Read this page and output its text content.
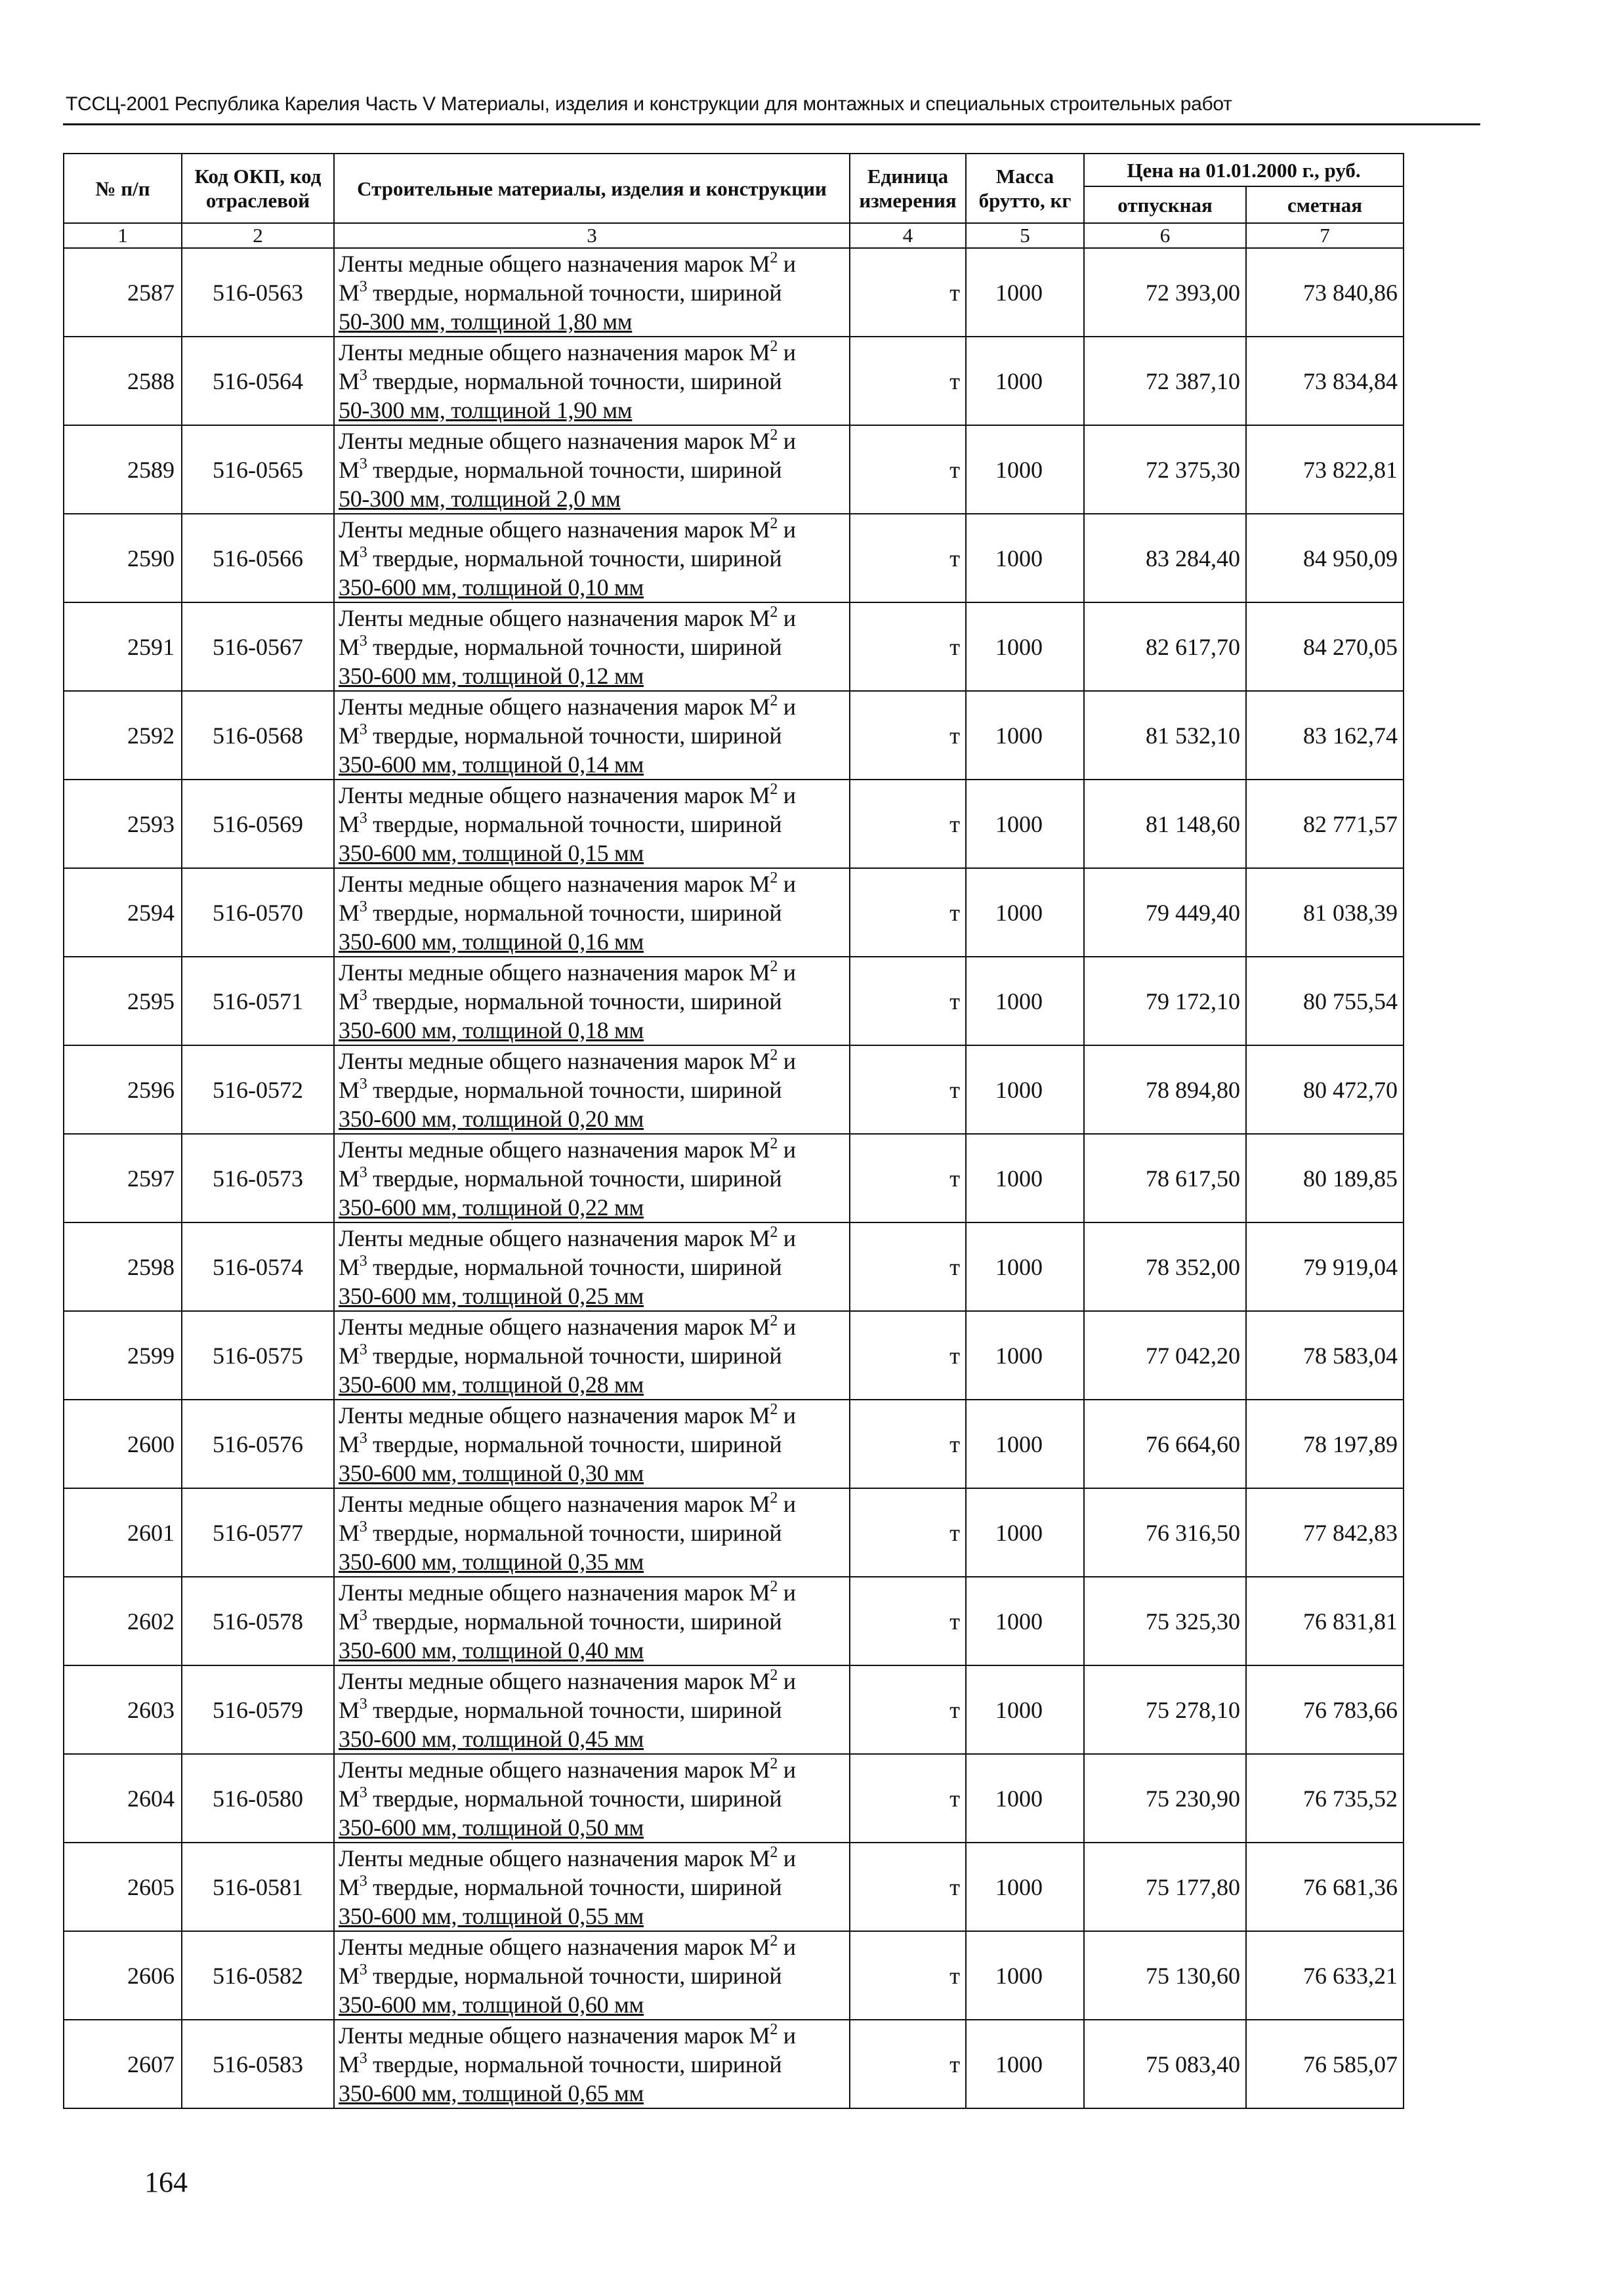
ТССЦ-2001 Республика Карелия Часть V Материалы, изделия и конструкции для монтажных и специальных строительных работ
№ п/п	Код ОКП, код отраслевой	Строительные материалы, изделия и конструкции	Единица измерения	Масса брутто, кг	Цена на 01.01.2000 г., руб.	
					отпускная	сметная
1	2	3	4	5	6	7
2587	516-0563	Ленты медные общего назначения марок $М^2$ и
$М^3$ твердые, нормальной точности, шириной
50-300 мм, толщиной 1,80 мм	т	1000	72 393,00	73 840,86
2588	516-0564	Ленты медные общего назначения марок $М^2$ и
$М^3$ твердые, нормальной точности, шириной
50-300 мм, толщиной 1,90 мм	т	1000	72 387,10	73 834,84
2589	516-0565	Ленты медные общего назначения марок $М^2$ и
$М^3$ твердые, нормальной точности, шириной
50-300 мм, толщиной 2,0 мм	т	1000	72 375,30	73 822,81
2590	516-0566	Ленты медные общего назначения марок $М^2$ и
$М^3$ твердые, нормальной точности, шириной
350-600 мм, толщиной 0,10 мм	т	1000	83 284,40	84 950,09
2591	516-0567	Ленты медные общего назначения марок $М^2$ и
$М^3$ твердые, нормальной точности, шириной
350-600 мм, толщиной 0,12 мм	т	1000	82 617,70	84 270,05
2592	516-0568	Ленты медные общего назначения марок $М^2$ и
$М^3$ твердые, нормальной точности, шириной
350-600 мм, толщиной 0,14 мм	т	1000	81 532,10	83 162,74
2593	516-0569	Ленты медные общего назначения марок $М^2$ и
$М^3$ твердые, нормальной точности, шириной
350-600 мм, толщиной 0,15 мм	т	1000	81 148,60	82 771,57
2594	516-0570	Ленты медные общего назначения марок $М^2$ и
$М^3$ твердые, нормальной точности, шириной
350-600 мм, толщиной 0,16 мм	т	1000	79 449,40	81 038,39
2595	516-0571	Ленты медные общего назначения марок $М^2$ и
$М^3$ твердые, нормальной точности, шириной
350-600 мм, толщиной 0,18 мм	т	1000	79 172,10	80 755,54
2596	516-0572	Ленты медные общего назначения марок $М^2$ и
$М^3$ твердые, нормальной точности, шириной
350-600 мм, толщиной 0,20 мм	т	1000	78 894,80	80 472,70
2597	516-0573	Ленты медные общего назначения марок $М^2$ и
$М^3$ твердые, нормальной точности, шириной
350-600 мм, толщиной 0,22 мм	т	1000	78 617,50	80 189,85
2598	516-0574	Ленты медные общего назначения марок $М^2$ и
$М^3$ твердые, нормальной точности, шириной
350-600 мм, толщиной 0,25 мм	т	1000	78 352,00	79 919,04
2599	516-0575	Ленты медные общего назначения марок $М^2$ и
$М^3$ твердые, нормальной точности, шириной
350-600 мм, толщиной 0,28 мм	т	1000	77 042,20	78 583,04
2600	516-0576	Ленты медные общего назначения марок $М^2$ и
$М^3$ твердые, нормальной точности, шириной
350-600 мм, толщиной 0,30 мм	т	1000	76 664,60	78 197,89
2601	516-0577	Ленты медные общего назначения марок $М^2$ и
$М^3$ твердые, нормальной точности, шириной
350-600 мм, толщиной 0,35 мм	т	1000	76 316,50	77 842,83
2602	516-0578	Ленты медные общего назначения марок $М^2$ и
$М^3$ твердые, нормальной точности, шириной
350-600 мм, толщиной 0,40 мм	т	1000	75 325,30	76 831,81
2603	516-0579	Ленты медные общего назначения марок $М^2$ и
$М^3$ твердые, нормальной точности, шириной
350-600 мм, толщиной 0,45 мм	т	1000	75 278,10	76 783,66
2604	516-0580	Ленты медные общего назначения марок $М^2$ и
$М^3$ твердые, нормальной точности, шириной
350-600 мм, толщиной 0,50 мм	т	1000	75 230,90	76 735,52
2605	516-0581	Ленты медные общего назначения марок $М^2$ и
$М^3$ твердые, нормальной точности, шириной
350-600 мм, толщиной 0,55 мм	т	1000	75 177,80	76 681,36
2606	516-0582	Ленты медные общего назначения марок $М^2$ и
$М^3$ твердые, нормальной точности, шириной
350-600 мм, толщиной 0,60 мм	т	1000	75 130,60	76 633,21
2607	516-0583	Ленты медные общего назначения марок $М^2$ и
$М^3$ твердые, нормальной точности, шириной
350-600 мм, толщиной 0,65 мм	т	1000	75 083,40	76 585,07
164
